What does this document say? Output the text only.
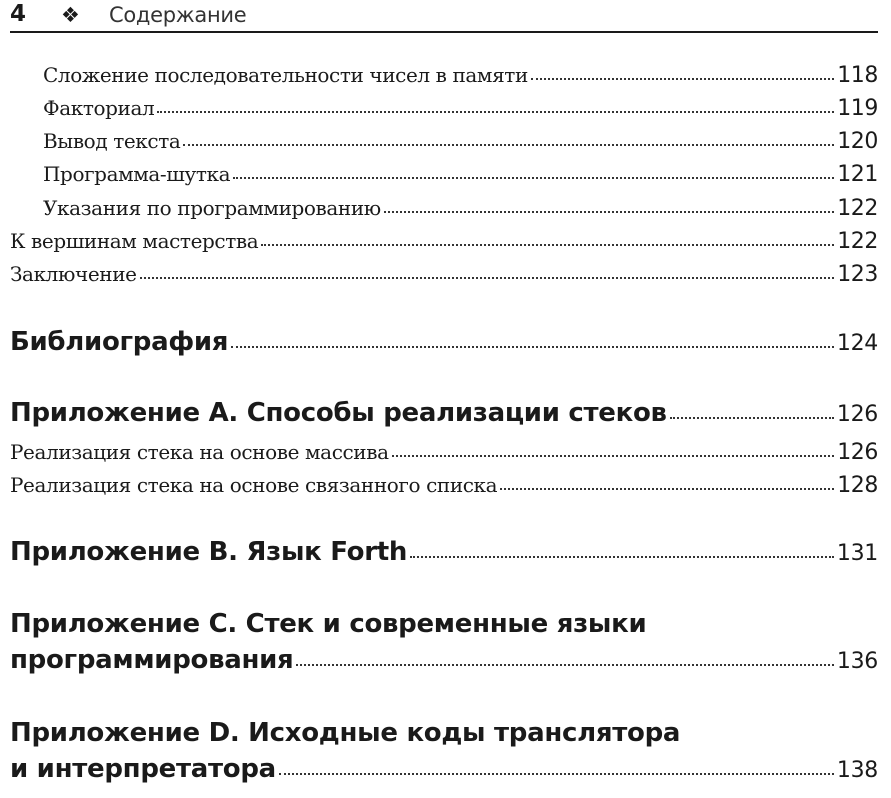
4 ❖ Содержание
Сложение последовательности чисел в памяти	118
Факториал	119
Вывод текста	120
Программа-шутка	121
Указания по программированию	122
К вершинам мастерства	122
Заключение	123
Библиография	124
Приложение А. Способы реализации стеков	126
Реализация стека на основе массива	126
Реализация стека на основе связанного списка	128
Приложение B. Язык Forth	131
Приложение C. Стек и современные языки
программирования	136
Приложение D. Исходные коды транслятора
и интерпретатора	138
